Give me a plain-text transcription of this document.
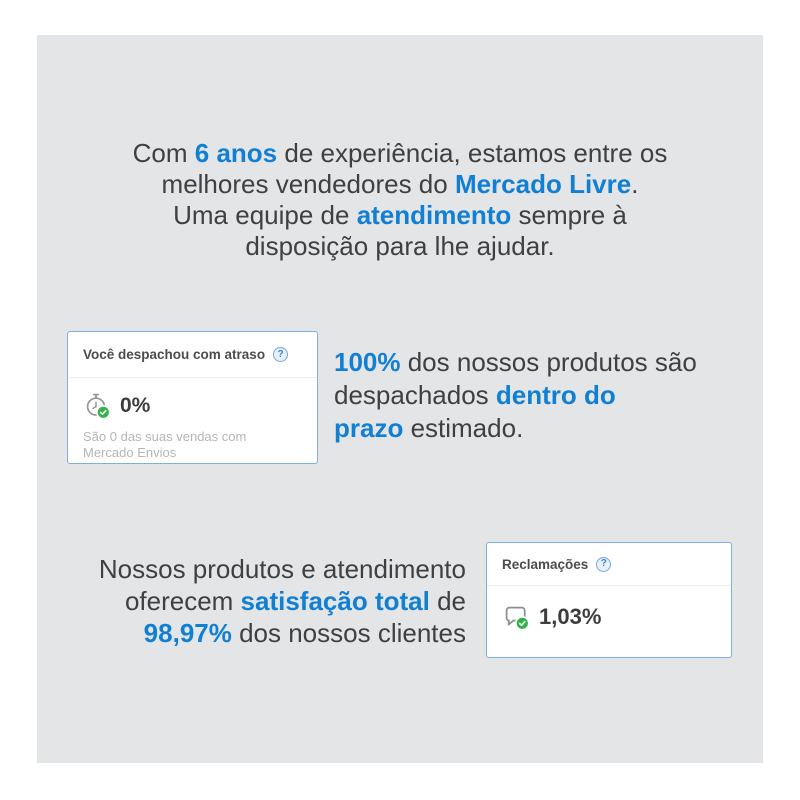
Com 6 anos de experiência, estamos entre os
melhores vendedores do Mercado Livre.
Uma equipe de atendimento sempre à
disposição para lhe ajudar.
Você despachou com atraso	?
0%
São 0 das suas vendas com Mercado Envios
100% dos nossos produtos são
despachados dentro do
prazo estimado.
Nossos produtos e atendimento
oferecem satisfação total de
98,97% dos nossos clientes
Reclamações	?
1,03%
